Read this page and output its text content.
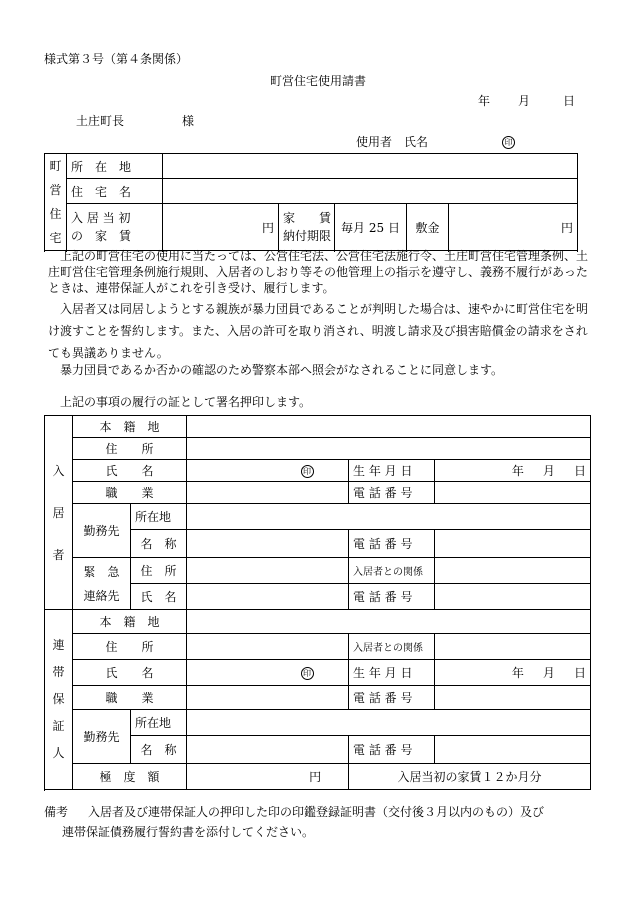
様式第３号（第４条関係）
町営住宅使用請書
年 月	日
土庄町長	様
使用者　氏名	印
町
営
住
宅	所　在　地					
	住　宅　名					
	入 居 当 初
の　家　賃	円	家　　賃
納付期限	毎月 25 日	敷金	円

上記の町営住宅の使用に当たっては、公営住宅法、公営住宅法施行令、土庄町営住宅管理条例、土庄町営住宅管理条例施行規則、入居者のしおり等その他管理上の指示を遵守し、義務不履行があったときは、連帯保証人がこれを引き受け、履行します。
入居者又は同居しようとする親族が暴力団員であることが判明した場合は、速やかに町営住宅を明け渡すことを誓約します。また、入居の許可を取り消され、明渡し請求及び損害賠償金の請求をされても異議ありません。
暴力団員であるか否かの確認のため警察本部へ照会がなされることに同意します。
上記の事項の履行の証として署名押印します。
入
居
者	本　籍　地				
	住　　所				
	氏　　名		印	生 年 月 日	年 月 日
	職　　業			電 話 番 号	
	勤務先	所在地			
		名　称		電 話 番 号	
	緊　急
連絡先	住　所		入居者との関係	
		氏　名		電 話 番 号	

連
帯
保
証
人	本　籍　地				
	住　　所			入居者との関係	
	氏　　名		印	生 年 月 日	年 月 日
	職　　業			電 話 番 号	
	勤務先	所在地			
		名　称		電 話 番 号	
	極　度　額		円	入居当初の家賃１２か月分	

備考 入居者及び連帯保証人の押印した印の印鑑登録証明書（交付後３月以内のもの）及び
連帯保証債務履行誓約書を添付してください。
